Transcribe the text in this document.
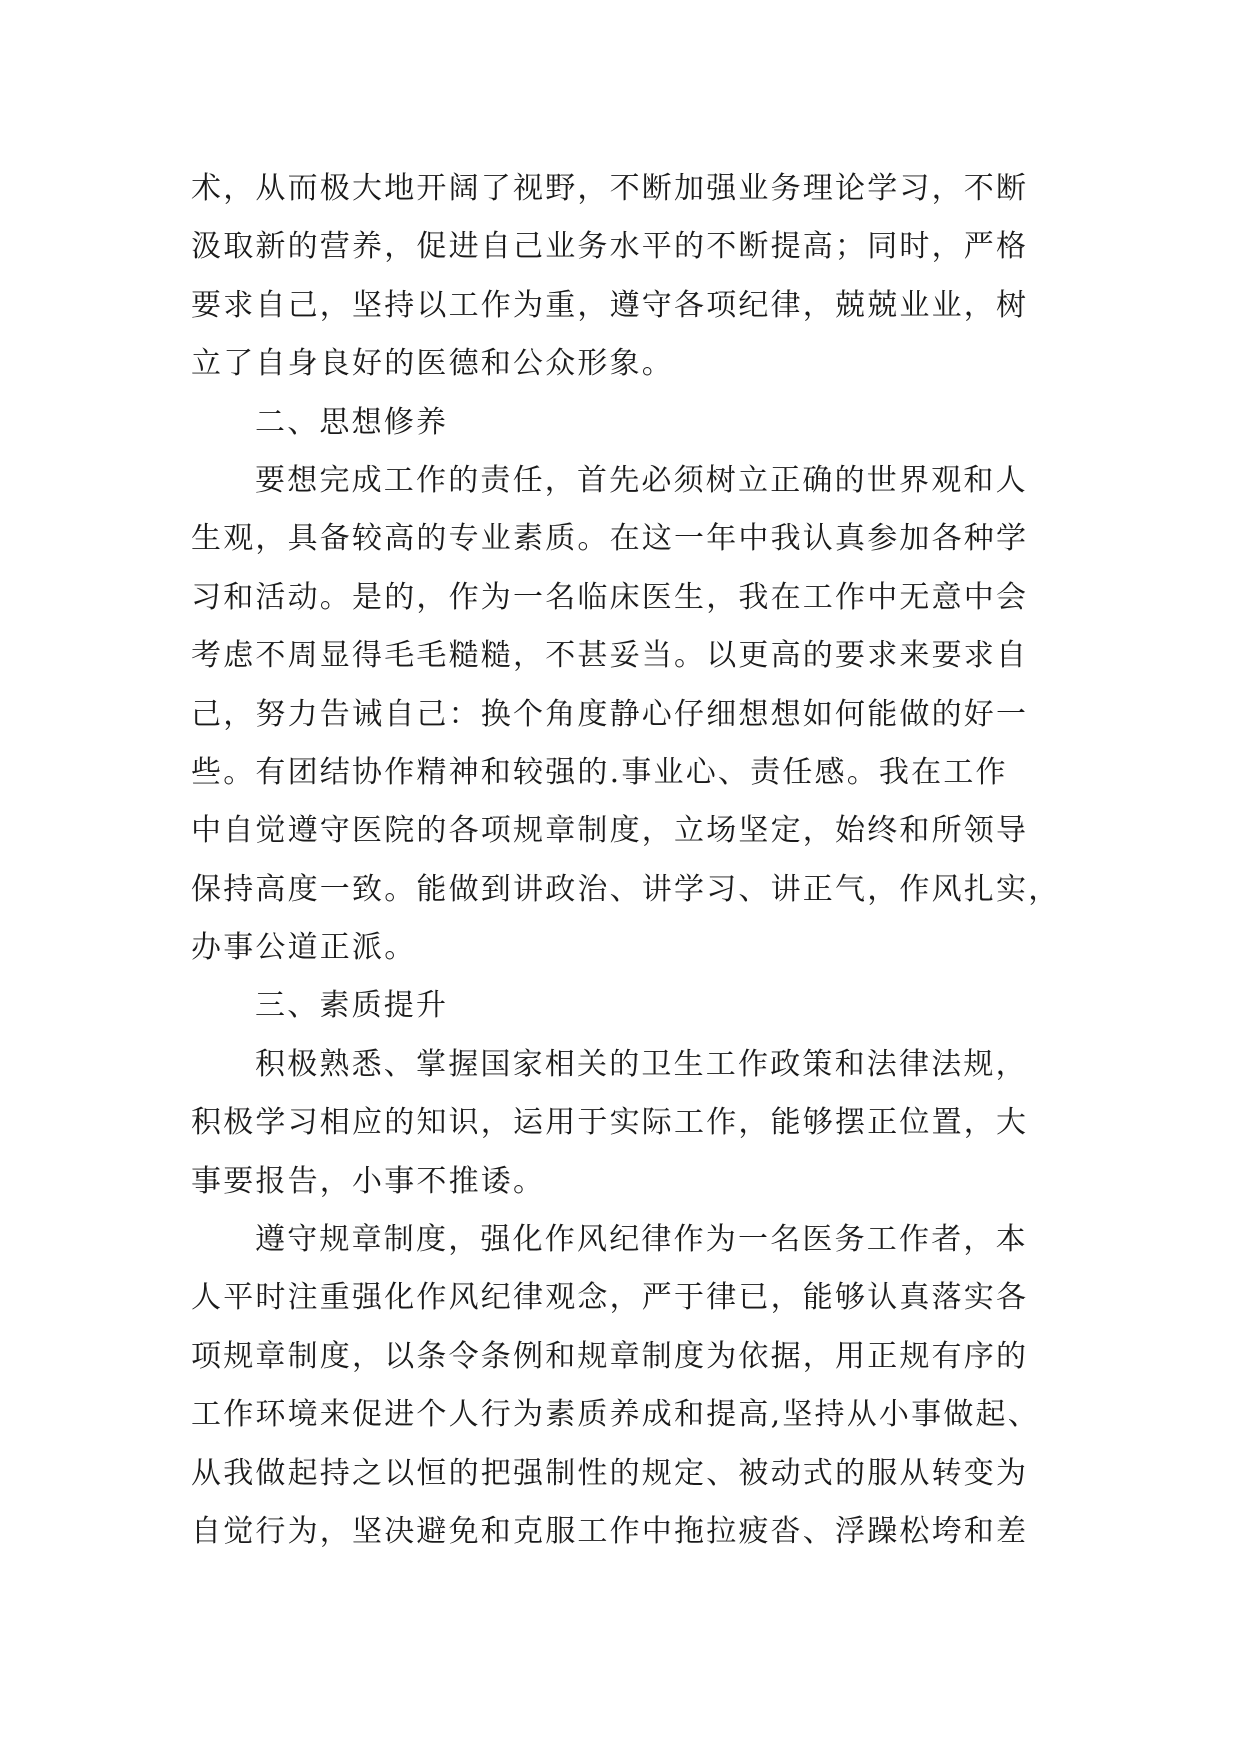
术，从而极大地开阔了视野，不断加强业务理论学习，不断
汲取新的营养，促进自己业务水平的不断提高；同时，严格
要求自己，坚持以工作为重，遵守各项纪律，兢兢业业，树
立了自身良好的医德和公众形象。
二、思想修养
要想完成工作的责任，首先必须树立正确的世界观和人
生观，具备较高的专业素质。在这一年中我认真参加各种学
习和活动。是的，作为一名临床医生，我在工作中无意中会
考虑不周显得毛毛糙糙，不甚妥当。以更高的要求来要求自
己，努力告诫自己：换个角度静心仔细想想如何能做的好一
些。有团结协作精神和较强的.事业心、责任感。我在工作
中自觉遵守医院的各项规章制度，立场坚定，始终和所领导
保持高度一致。能做到讲政治、讲学习、讲正气，作风扎实，
办事公道正派。
三、素质提升
积极熟悉、掌握国家相关的卫生工作政策和法律法规，
积极学习相应的知识，运用于实际工作，能够摆正位置，大
事要报告，小事不推诿。
遵守规章制度，强化作风纪律作为一名医务工作者，本
人平时注重强化作风纪律观念，严于律已，能够认真落实各
项规章制度，以条令条例和规章制度为依据，用正规有序的
工作环境来促进个人行为素质养成和提高,坚持从小事做起、
从我做起持之以恒的把强制性的规定、被动式的服从转变为
自觉行为，坚决避免和克服工作中拖拉疲沓、浮躁松垮和差
